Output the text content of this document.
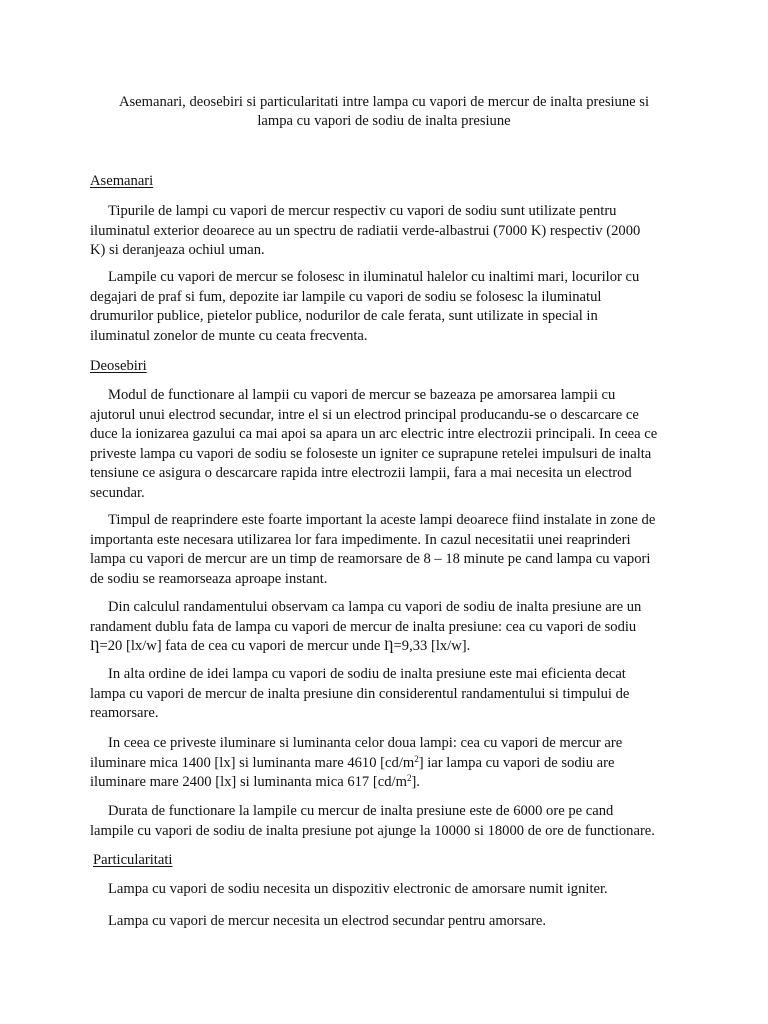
Asemanari, deosebiri si particularitati intre lampa cu vapori de mercur de inalta presiune si
lampa cu vapori de sodiu de inalta presiune
Asemanari

Tipurile de lampi cu vapori de mercur respectiv cu vapori de sodiu sunt utilizate pentru
iluminatul exterior deoarece au un spectru de radiatii verde-albastrui (7000 K) respectiv (2000
K) si deranjeaza ochiul uman.

Lampile cu vapori de mercur se folosesc in iluminatul halelor cu inaltimi mari, locurilor cu
degajari de praf si fum, depozite iar lampile cu vapori de sodiu se folosesc la iluminatul
drumurilor publice, pietelor publice, nodurilor de cale ferata, sunt utilizate in special in
iluminatul zonelor de munte cu ceata frecventa.

Deosebiri

Modul de functionare al lampii cu vapori de mercur se bazeaza pe amorsarea lampii cu
ajutorul unui electrod secundar, intre el si un electrod principal producandu-se o descarcare ce
duce la ionizarea gazului ca mai apoi sa apara un arc electric intre electrozii principali. In ceea ce
priveste lampa cu vapori de sodiu se foloseste un igniter ce suprapune retelei impulsuri de inalta
tensiune ce asigura o descarcare rapida intre electrozii lampii, fara a mai necesita un electrod
secundar.

Timpul de reaprindere este foarte important la aceste lampi deoarece fiind instalate in zone de
importanta este necesara utilizarea lor fara impedimente. In cazul necesitatii unei reaprinderi
lampa cu vapori de mercur are un timp de reamorsare de 8 – 18 minute pe cand lampa cu vapori
de sodiu se reamorseaza aproape instant.

Din calculul randamentului observam ca lampa cu vapori de sodiu de inalta presiune are un
randament dublu fata de lampa cu vapori de mercur de inalta presiune: cea cu vapori de sodiu
Ƞ=20 [lx/w] fata de cea cu vapori de mercur unde Ƞ=9,33 [lx/w].

In alta ordine de idei lampa cu vapori de sodiu de inalta presiune este mai eficienta decat
lampa cu vapori de mercur de inalta presiune din considerentul randamentului si timpului de
reamorsare.

In ceea ce priveste iluminare si luminanta celor doua lampi: cea cu vapori de mercur are
iluminare mica 1400 [lx] si luminanta mare 4610 $[cd/m^2]$ iar lampa cu vapori de sodiu are
iluminare mare 2400 [lx] si luminanta mica 617 $[cd/m^2]$.

Durata de functionare la lampile cu mercur de inalta presiune este de 6000 ore pe cand
lampile cu vapori de sodiu de inalta presiune pot ajunge la 10000 si 18000 de ore de functionare.

Particularitati

Lampa cu vapori de sodiu necesita un dispozitiv electronic de amorsare numit igniter.

Lampa cu vapori de mercur necesita un electrod secundar pentru amorsare.
